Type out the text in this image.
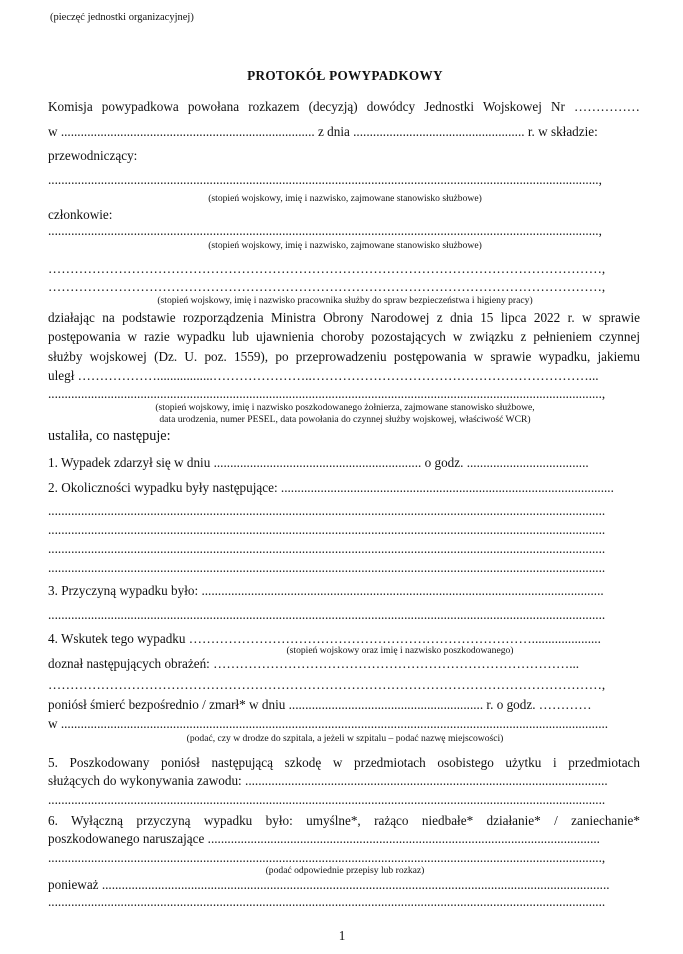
(pieczęć jednostki organizacyjnej)
PROTOKÓŁ POWYPADKOWY
Komisja powypadkowa powołana rozkazem (decyzją) dowódcy Jednostki Wojskowej Nr ……………
w ............................................................................. z dnia .................................................... r. w składzie:
przewodniczący:
.......................................................................................................................................................................,
(stopień wojskowy, imię i nazwisko, zajmowane stanowisko służbowe)
członkowie:
.......................................................................................................................................................................,
(stopień wojskowy, imię i nazwisko, zajmowane stanowisko służbowe)
………………………………………………………………………………………………………………,
………………………………………………………………………………………………………………,
(stopień wojskowy, imię i nazwisko pracownika służby do spraw bezpieczeństwa i higieny pracy)
działając na podstawie rozporządzenia Ministra Obrony Narodowej z dnia 15 lipca 2022 r. w sprawie
postępowania w razie wypadku lub ujawnienia choroby pozostających w związku z pełnieniem czynnej
służby wojskowej (Dz. U. poz. 1559), po przeprowadzeniu postępowania w sprawie wypadku, jakiemu
uległ ……………….................…………………..………………………………………………………...
........................................................................................................................................................................,
(stopień wojskowy, imię i nazwisko poszkodowanego żołnierza, zajmowane stanowisko służbowe,
data urodzenia, numer PESEL, data powołania do czynnej służby wojskowej, właściwość WCR)
ustaliła, co następuje:
1. Wypadek zdarzył się w dniu ............................................................... o godz. .....................................
2. Okoliczności wypadku były następujące: .....................................................................................................
.........................................................................................................................................................................
.........................................................................................................................................................................
.........................................................................................................................................................................
.........................................................................................................................................................................
3. Przyczyną wypadku było: ..........................................................................................................................
.........................................................................................................................................................................
4. Wskutek tego wypadku …………………………………………………………………….....................
(stopień wojskowy oraz imię i nazwisko poszkodowanego)
doznał następujących obrażeń: ………………………………………………………………………...
………………………………………………………………………………………………………………,
poniósł śmierć bezpośrednio / zmarł* w dniu ........................................................... r. o godz. …………
w ......................................................................................................................................................................
(podać, czy w drodze do szpitala, a jeżeli w szpitalu – podać nazwę miejscowości)
5. Poszkodowany poniósł następującą szkodę w przedmiotach osobistego użytku i przedmiotach
służących do wykonywania zawodu: ..............................................................................................................
.........................................................................................................................................................................
6. Wyłączną przyczyną wypadku było: umyślne*, rażąco niedbałe* działanie* / zaniechanie*
poszkodowanego naruszające .......................................................................................................................
........................................................................................................................................................................,
(podać odpowiednie przepisy lub rozkaz)
ponieważ ..........................................................................................................................................................
.........................................................................................................................................................................
1
